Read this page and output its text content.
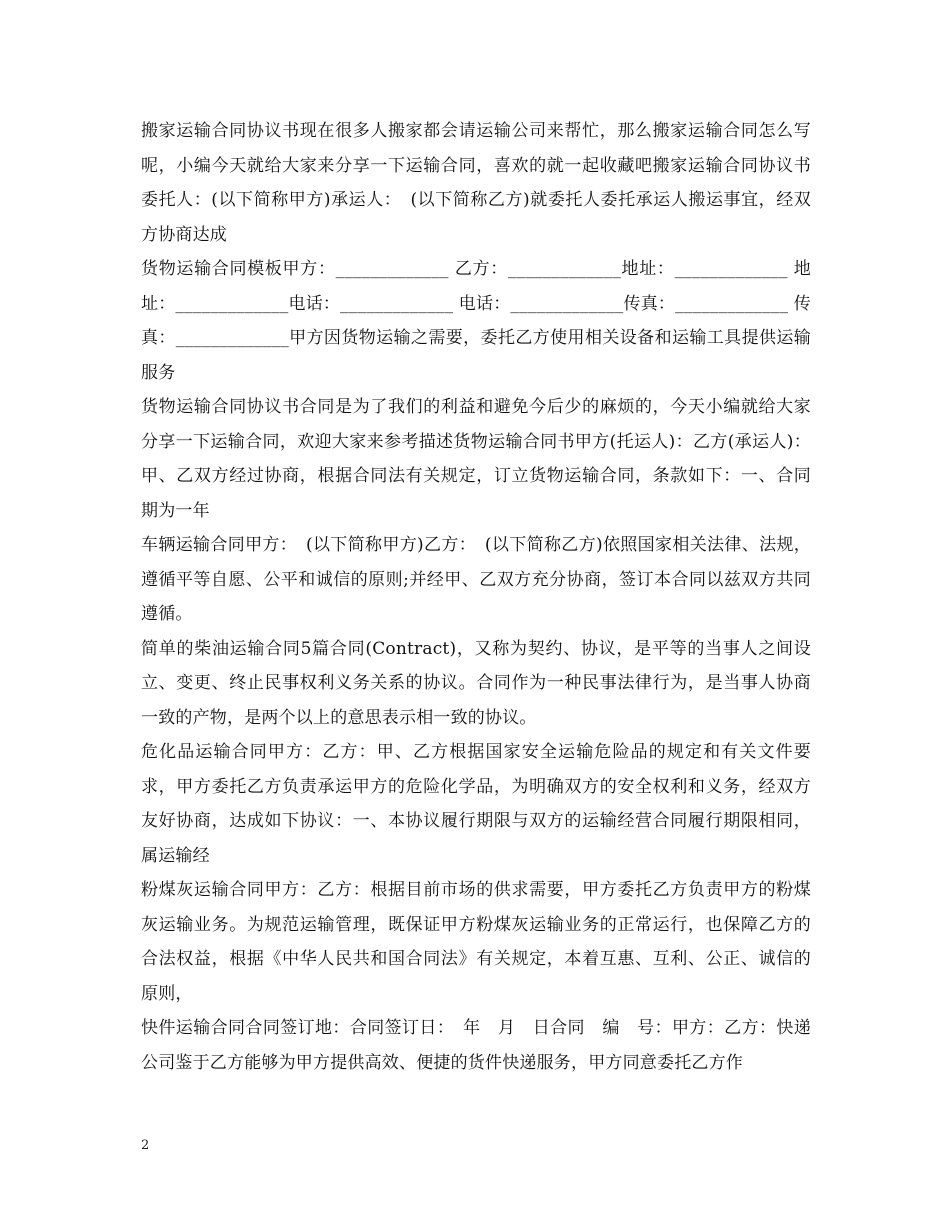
搬家运输合同协议书现在很多人搬家都会请运输公司来帮忙，那么搬家运输合同怎么写呢，小编今天就给大家来分享一下运输合同，喜欢的就一起收藏吧搬家运输合同协议书委托人：(以下简称甲方)承运人：　(以下简称乙方)就委托人委托承运人搬运事宜，经双方协商达成

货物运输合同模板甲方：_____________ 乙方：_____________地址：_____________ 地址：_____________电话：_____________ 电话：_____________传真：_____________ 传真：_____________甲方因货物运输之需要，委托乙方使用相关设备和运输工具提供运输服务

货物运输合同协议书合同是为了我们的利益和避免今后少的麻烦的，今天小编就给大家分享一下运输合同，欢迎大家来参考描述货物运输合同书甲方(托运人)：乙方(承运人)：甲、乙双方经过协商，根据合同法有关规定，订立货物运输合同，条款如下：一、合同期为一年

车辆运输合同甲方：　(以下简称甲方)乙方：　(以下简称乙方)依照国家相关法律、法规，遵循平等自愿、公平和诚信的原则;并经甲、乙双方充分协商，签订本合同以兹双方共同遵循。

简单的柴油运输合同5篇合同(Contract)，又称为契约、协议，是平等的当事人之间设立、变更、终止民事权利义务关系的协议。合同作为一种民事法律行为，是当事人协商一致的产物，是两个以上的意思表示相一致的协议。

危化品运输合同甲方：乙方：甲、乙方根据国家安全运输危险品的规定和有关文件要求，甲方委托乙方负责承运甲方的危险化学品，为明确双方的安全权利和义务，经双方友好协商，达成如下协议：一、本协议履行期限与双方的运输经营合同履行期限相同，属运输经

粉煤灰运输合同甲方：乙方：根据目前市场的供求需要，甲方委托乙方负责甲方的粉煤灰运输业务。为规范运输管理，既保证甲方粉煤灰运输业务的正常运行，也保障乙方的合法权益，根据《中华人民共和国合同法》有关规定，本着互惠、互利、公正、诚信的原则，

快件运输合同合同签订地：合同签订日：　年　月　日合同　编　号：甲方：乙方：快递公司鉴于乙方能够为甲方提供高效、便捷的货件快递服务，甲方同意委托乙方作

2
